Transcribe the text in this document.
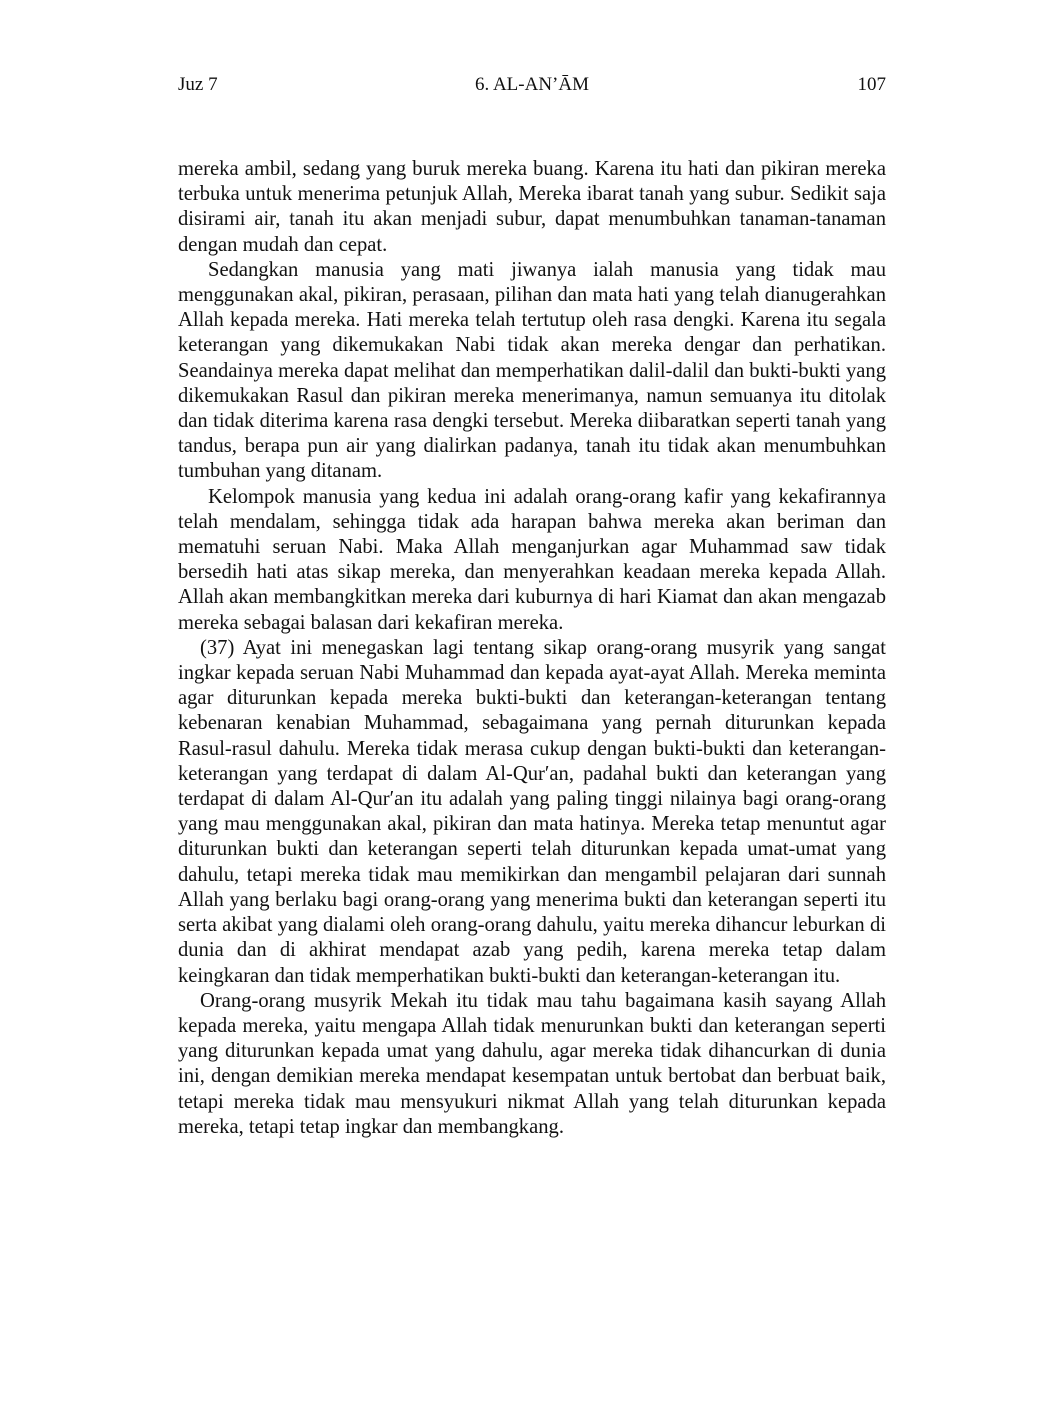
Juz 7	6. AL-AN’ĀM	107

mereka ambil, sedang yang buruk mereka buang. Karena itu hati dan pikiran mereka terbuka untuk menerima petunjuk Allah, Mereka ibarat tanah yang subur. Sedikit saja disirami air, tanah itu akan menjadi subur, dapat menumbuhkan tanaman-tanaman dengan mudah dan cepat.

Sedangkan manusia yang mati jiwanya ialah manusia yang tidak mau menggunakan akal, pikiran, perasaan, pilihan dan mata hati yang telah dianugerahkan Allah kepada mereka. Hati mereka telah tertutup oleh rasa dengki. Karena itu segala keterangan yang dikemukakan Nabi tidak akan mereka dengar dan perhatikan. Seandainya mereka dapat melihat dan memperhatikan dalil-dalil dan bukti-bukti yang dikemukakan Rasul dan pikiran mereka menerimanya, namun semuanya itu ditolak dan tidak diterima karena rasa dengki tersebut. Mereka diibaratkan seperti tanah yang tandus, berapa pun air yang dialirkan padanya, tanah itu tidak akan menumbuhkan tumbuhan yang ditanam.

Kelompok manusia yang kedua ini adalah orang-orang kafir yang kekafirannya telah mendalam, sehingga tidak ada harapan bahwa mereka akan beriman dan mematuhi seruan Nabi. Maka Allah menganjurkan agar Muhammad saw tidak bersedih hati atas sikap mereka, dan menyerahkan keadaan mereka kepada Allah. Allah akan membangkitkan mereka dari kuburnya di hari Kiamat dan akan mengazab mereka sebagai balasan dari kekafiran mereka.

(37) Ayat ini menegaskan lagi tentang sikap orang-orang musyrik yang sangat ingkar kepada seruan Nabi Muhammad dan kepada ayat-ayat Allah. Mereka meminta agar diturunkan kepada mereka bukti-bukti dan keterangan-keterangan tentang kebenaran kenabian Muhammad, sebagaimana yang pernah diturunkan kepada Rasul-rasul dahulu. Mereka tidak merasa cukup dengan bukti-bukti dan keterangan-keterangan yang terdapat di dalam Al-Qur′an, padahal bukti dan keterangan yang terdapat di dalam Al-Qur′an itu adalah yang paling tinggi nilainya bagi orang-orang yang mau menggunakan akal, pikiran dan mata hatinya. Mereka tetap menuntut agar diturunkan bukti dan keterangan seperti telah diturunkan kepada umat-umat yang dahulu, tetapi mereka tidak mau memikirkan dan mengambil pelajaran dari sunnah Allah yang berlaku bagi orang-orang yang menerima bukti dan keterangan seperti itu serta akibat yang dialami oleh orang-orang dahulu, yaitu mereka dihancur leburkan di dunia dan di akhirat mendapat azab yang pedih, karena mereka tetap dalam keingkaran dan tidak memperhatikan bukti-bukti dan keterangan-keterangan itu.

Orang-orang musyrik Mekah itu tidak mau tahu bagaimana kasih sayang Allah kepada mereka, yaitu mengapa Allah tidak menurunkan bukti dan keterangan seperti yang diturunkan kepada umat yang dahulu, agar mereka tidak dihancurkan di dunia ini, dengan demikian mereka mendapat kesempatan untuk bertobat dan berbuat baik, tetapi mereka tidak mau mensyukuri nikmat Allah yang telah diturunkan kepada mereka, tetapi tetap ingkar dan membangkang.
